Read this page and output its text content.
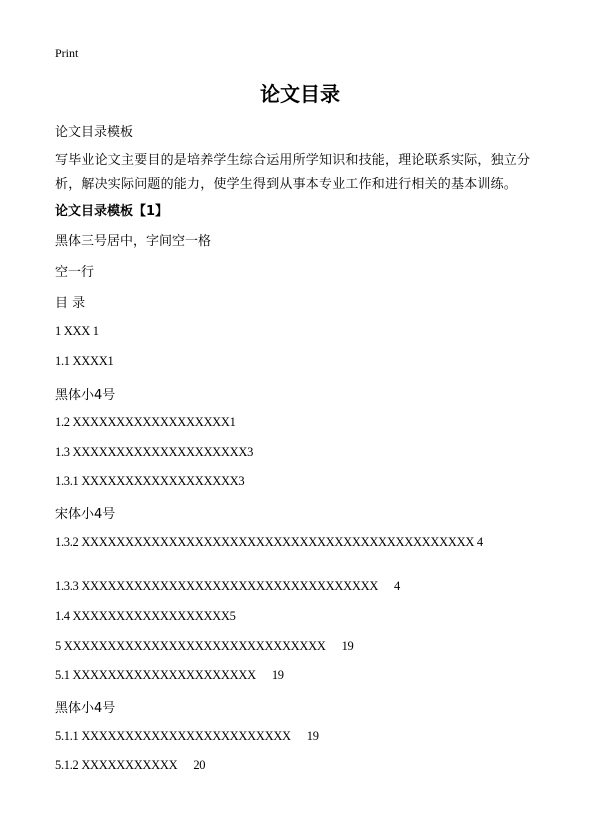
Print
论文目录
论文目录模板
写毕业论文主要目的是培养学生综合运用所学知识和技能，理论联系实际，独立分析，解决实际问题的能力，使学生得到从事本专业工作和进行相关的基本训练。
论文目录模板【1】
黑体三号居中，字间空一格
空一行
目 录
1 XXX 1
1.1 XXXX1
黑体小4号
1.2 XXXXXXXXXXXXXXXXXX1
1.3 XXXXXXXXXXXXXXXXXXXX3
1.3.1 XXXXXXXXXXXXXXXXXX3
宋体小4号
1.3.2 XXXXXXXXXXXXXXXXXXXXXXXXXXXXXXXXXXXXXXXXXXXXX 4
1.3.3 XXXXXXXXXXXXXXXXXXXXXXXXXXXXXXXXXX 4
1.4 XXXXXXXXXXXXXXXXXX5
5 XXXXXXXXXXXXXXXXXXXXXXXXXXXXXX 19
5.1 XXXXXXXXXXXXXXXXXXXXX 19
黑体小4号
5.1.1 XXXXXXXXXXXXXXXXXXXXXXXX 19
5.1.2 XXXXXXXXXXX 20
